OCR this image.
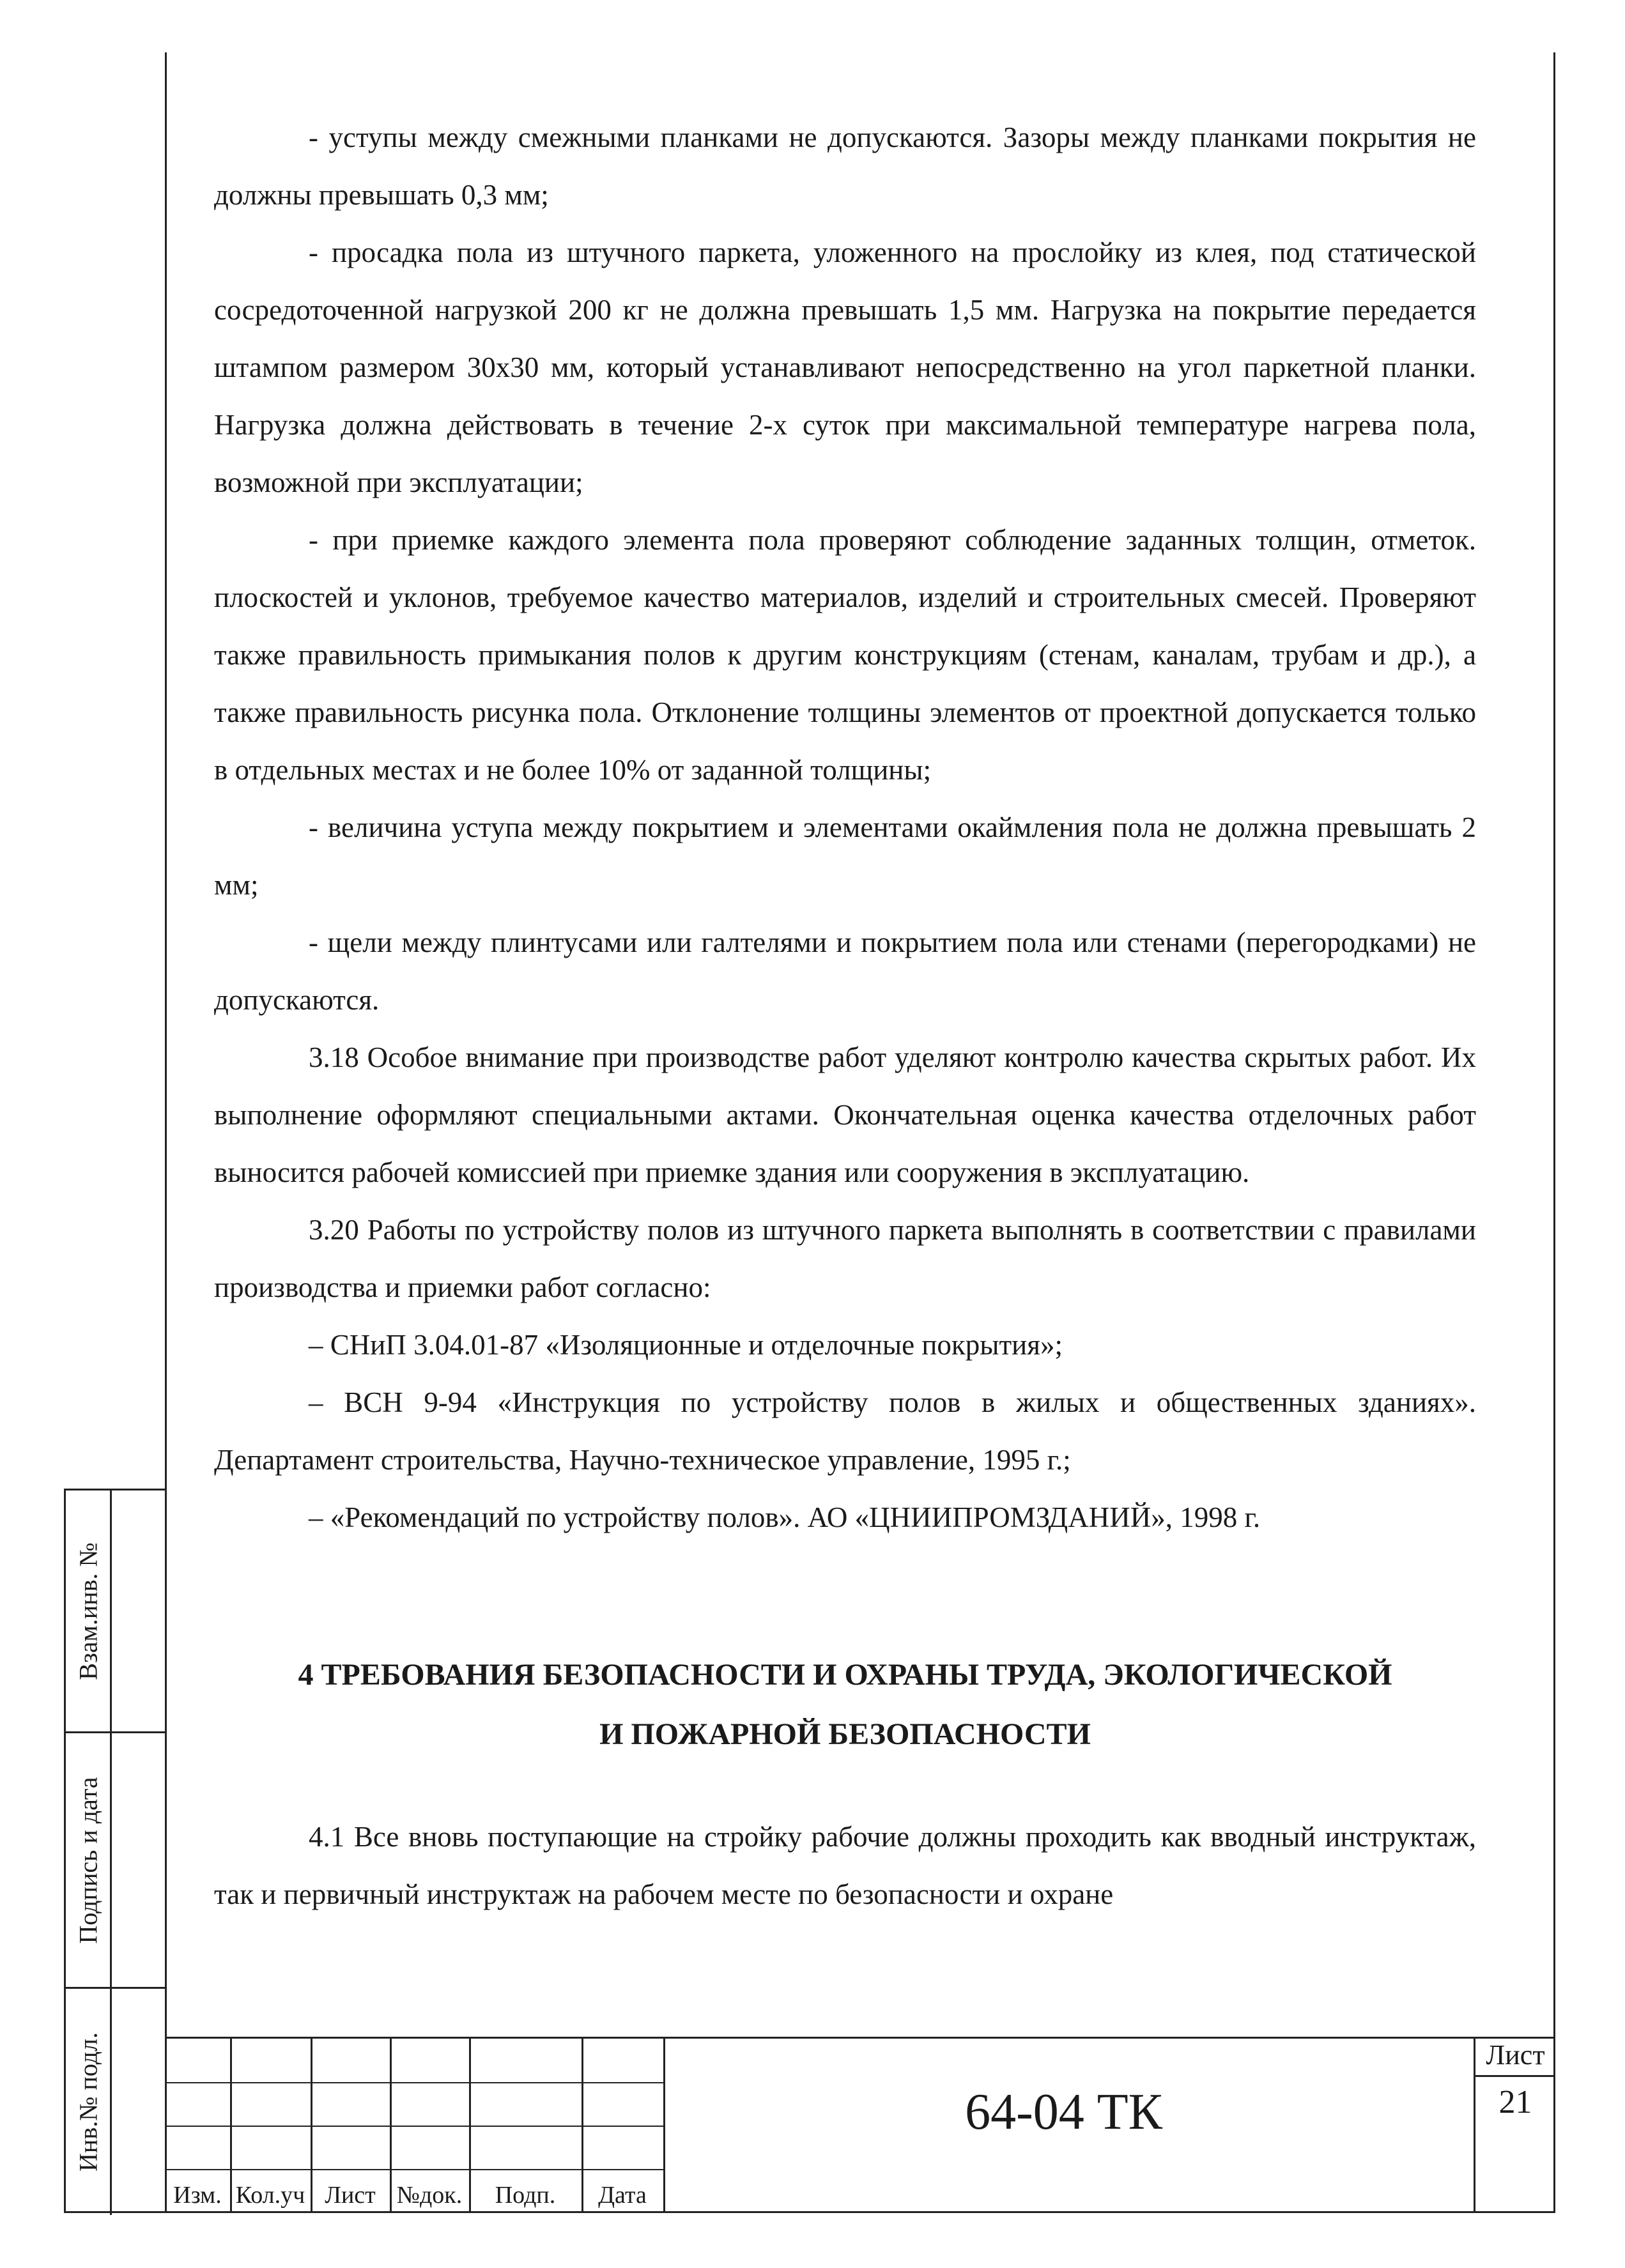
- уступы между смежными планками не допускаются. Зазоры между планками покрытия не должны превышать 0,3 мм;

- просадка пола из штучного паркета, уложенного на прослойку из клея, под статической сосредоточенной нагрузкой 200 кг не должна превышать 1,5 мм. Нагрузка на покрытие передается штампом размером 30х30 мм, который устанавливают непосредственно на угол паркетной планки. Нагрузка должна действовать в течение 2-х суток при максимальной температуре нагрева пола, возможной при эксплуатации;

- при приемке каждого элемента пола проверяют соблюдение заданных толщин, отметок. плоскостей и уклонов, требуемое качество материалов, изделий и строительных смесей. Проверяют также правильность примыкания полов к другим конструкциям (стенам, каналам, трубам и др.), а также правильность рисунка пола. Отклонение толщины элементов от проектной допускается только в отдельных местах и не более 10% от заданной толщины;

- величина уступа между покрытием и элементами окаймления пола не должна превышать 2 мм;

- щели между плинтусами или галтелями и покрытием пола или стенами (перегородками) не допускаются.

3.18 Особое внимание при производстве работ уделяют контролю качества скрытых работ. Их выполнение оформляют специальными актами. Окончательная оценка качества отделочных работ выносится рабочей комиссией при приемке здания или сооружения в эксплуатацию.

3.20 Работы по устройству полов из штучного паркета выполнять в соответствии с правилами производства и приемки работ согласно:

– СНиП 3.04.01-87 «Изоляционные и отделочные покрытия»;

– ВСН 9-94 «Инструкция по устройству полов в жилых и общественных зданиях». Департамент строительства, Научно-техническое управление, 1995 г.;

– «Рекомендаций по устройству полов». АО «ЦНИИПРОМЗДАНИЙ», 1998 г.

4 ТРЕБОВАНИЯ БЕЗОПАСНОСТИ И ОХРАНЫ ТРУДА, ЭКОЛОГИЧЕСКОЙ
И ПОЖАРНОЙ БЕЗОПАСНОСТИ

4.1 Все вновь поступающие на стройку рабочие должны проходить как вводный инструктаж, так и первичный инструктаж на рабочем месте по безопасности и охране

Взам.инв. №
Подпись и дата
Инв.№ подл.
Изм. Кол.уч Лист №док.	Подп.	Дата
64-04 ТК
Лист
21
